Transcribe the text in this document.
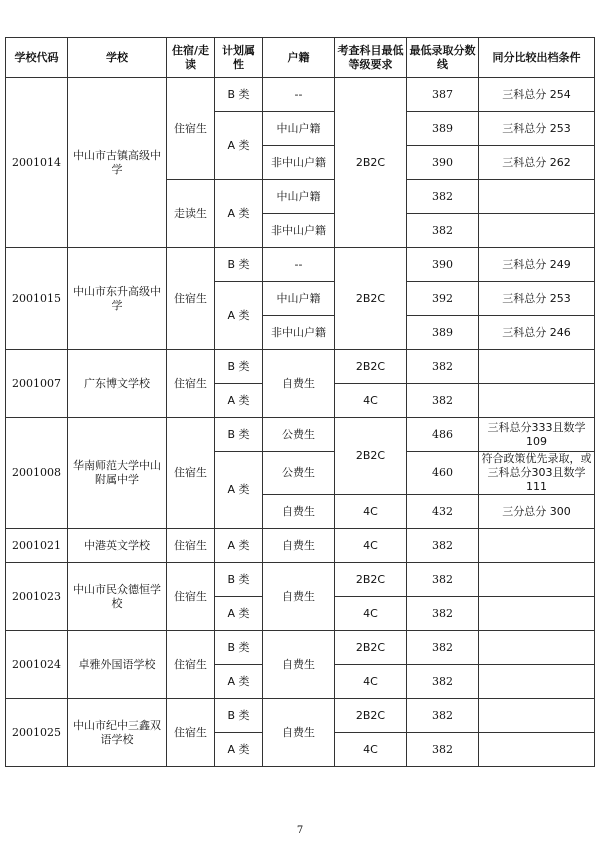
学校代码	学校	住宿/走读	计划属性	户籍	考查科目最低等级要求	最低录取分数线	同分比较出档条件
2001014	中山市古镇高级中学	住宿生	B 类	--	2B2C	387	三科总分 254
			A 类	中山户籍		389	三科总分 253
				非中山户籍		390	三科总分 262
		走读生	A 类	中山户籍		382	
				非中山户籍		382	
2001015	中山市东升高级中学	住宿生	B 类	--	2B2C	390	三科总分 249
			A 类	中山户籍		392	三科总分 253
				非中山户籍		389	三科总分 246
2001007	广东博文学校	住宿生	B 类	自费生	2B2C	382	
			A 类		4C	382	
2001008	华南师范大学中山附属中学	住宿生	B 类	公费生	2B2C	486	三科总分333且数学109
			A 类	公费生		460	符合政策优先录取，或三科总分303且数学111
				自费生	4C	432	三分总分 300
2001021	中港英文学校	住宿生	A 类	自费生	4C	382	
2001023	中山市民众德恒学校	住宿生	B 类	自费生	2B2C	382	
			A 类		4C	382	
2001024	卓雅外国语学校	住宿生	B 类	自费生	2B2C	382	
			A 类		4C	382	
2001025	中山市纪中三鑫双语学校	住宿生	B 类	自费生	2B2C	382	
			A 类		4C	382	
7
